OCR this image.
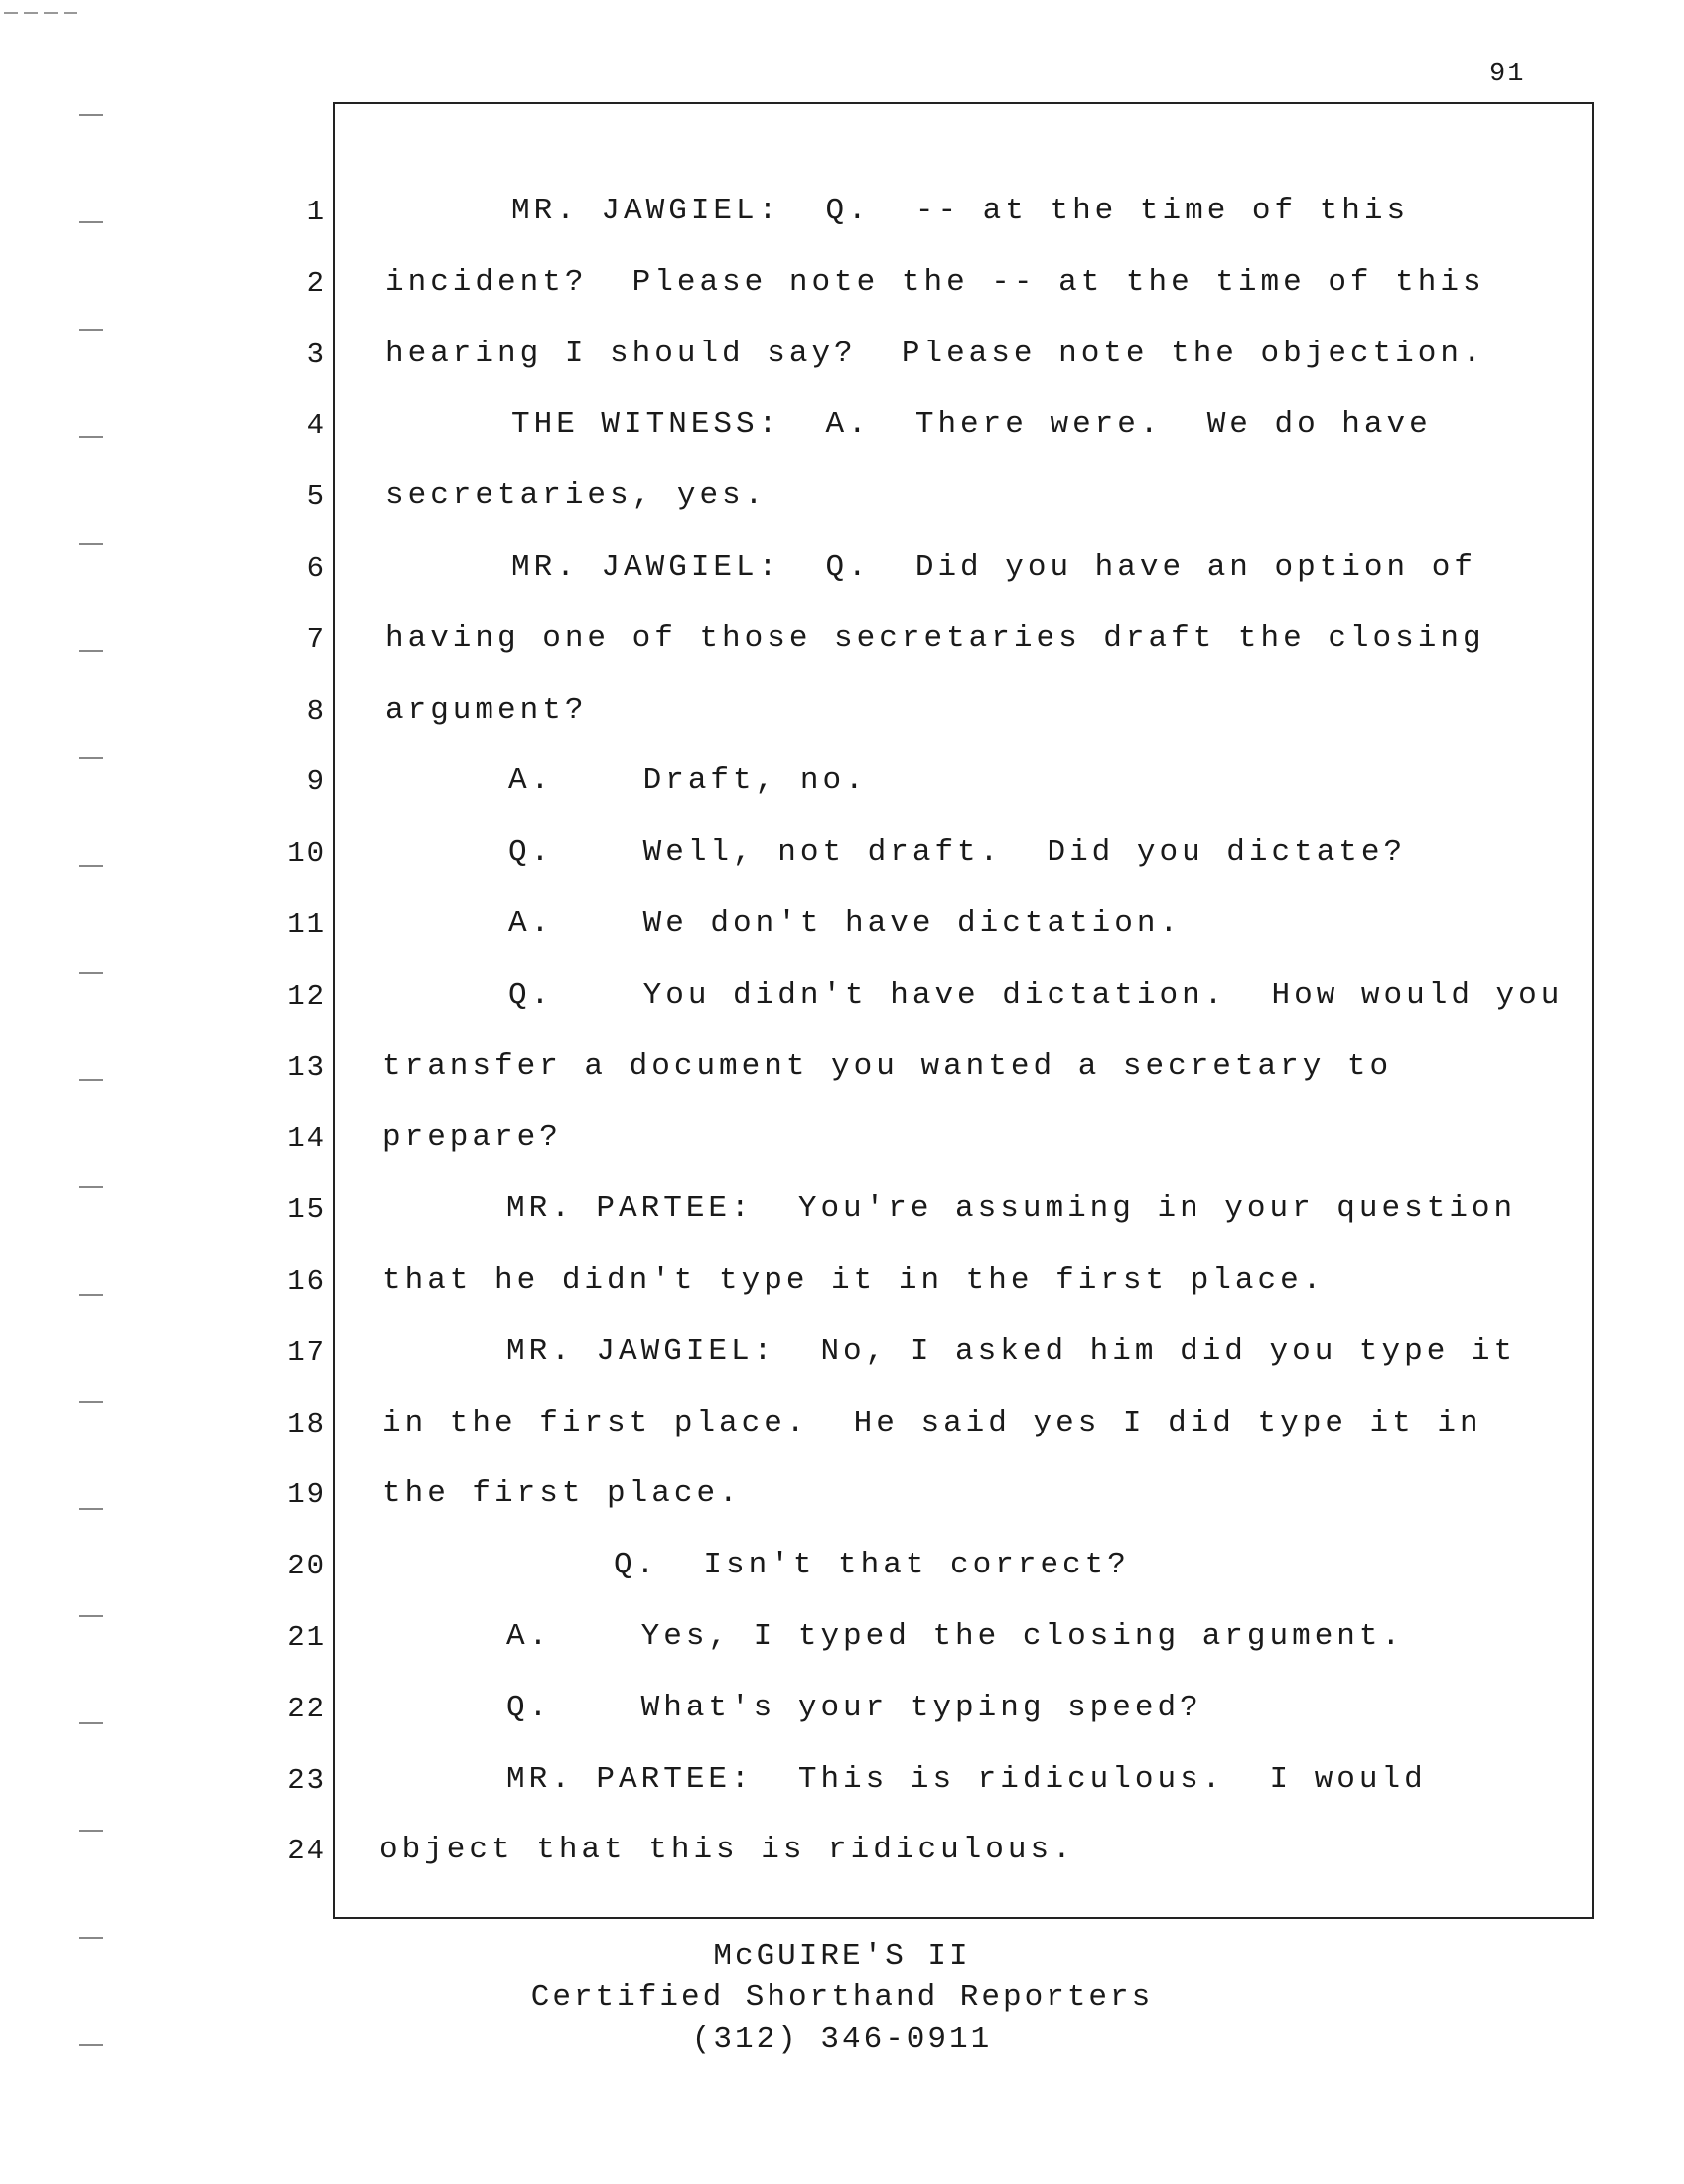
91
1	MR. JAWGIEL:  Q.  -- at the time of this
2 incident?  Please note the -- at the time of this
3 hearing I should say?  Please note the objection.
4	THE WITNESS:  A.  There were.  We do have
5 secretaries, yes.
6	MR. JAWGIEL:  Q.  Did you have an option of
7 having one of those secretaries draft the closing
8 argument?
9	A.    Draft, no.
10	Q.    Well, not draft.  Did you dictate?
11	A.    We don't have dictation.
12	Q.    You didn't have dictation.  How would you
13 transfer a document you wanted a secretary to
14 prepare?
15	MR. PARTEE:  You're assuming in your question
16 that he didn't type it in the first place.
17	MR. JAWGIEL:  No, I asked him did you type it
18 in the first place.  He said yes I did type it in
19 the first place.
20	Q.  Isn't that correct?
21	A.    Yes, I typed the closing argument.
22	Q.    What's your typing speed?
23	MR. PARTEE:  This is ridiculous.  I would
24 object that this is ridiculous.
McGUIRE'S II
Certified Shorthand Reporters
(312) 346-0911
